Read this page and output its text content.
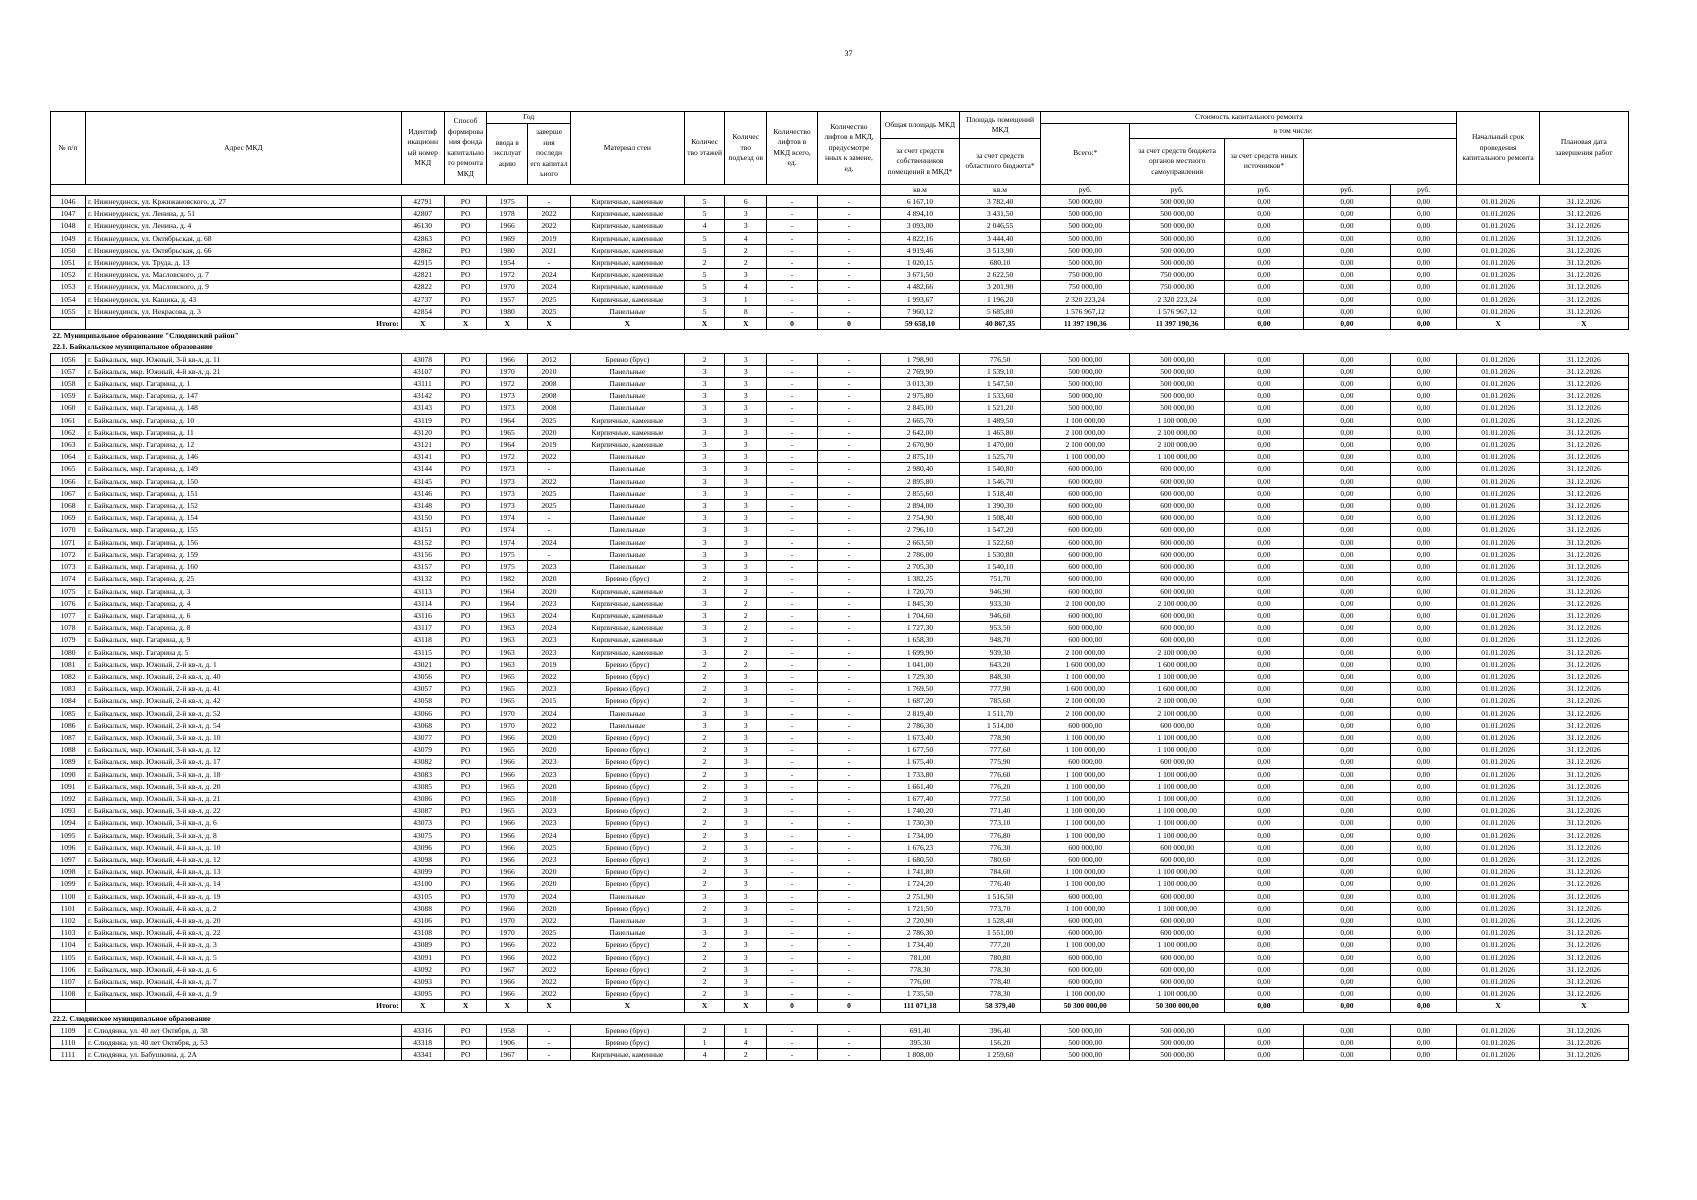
37
№ п/п	Адрес МКД	Идентиф икационн ый номер МКД	Способ формирова ния фонда капитально го ремонта МКД	Год		Материал стен	Количес тво этажей	Количес тво подъезд ов	Количество лифтов в МКД всего, ед.	Количество лифтов в МКД, предусмотре нных к замене, ед.	Общая площадь МКД	Площадь помещений МКД	Стоимость капитального ремонта					Начальный срок проведения капитального ремонта	Плановая дата завершения работ
				ввода в эксплуат ацию	заверше ния последн его капитал ьного								Всего:*	в том числе:					
											за счет средств собственников помещений в МКД*	за счет средств областного бюджета*		за счет средств бюджета органов местного самоуправления	за счет средств иных источников*				
											кв.м	кв.м	руб.	руб.	руб.	руб.	руб.		
1046	г. Нижнеудинск, ул. Кржижановского, д. 27	42791	РО	1975	-	Кирпичные, каменные	5	6	-	-	6 167,10	3 782,40	500 000,00	500 000,00	0,00	0,00	0,00	01.01.2026	31.12.2026
1047	г. Нижнеудинск, ул. Ленина, д. 51	42807	РО	1978	2022	Кирпичные, каменные	5	3	-	-	4 894,10	3 431,50	500 000,00	500 000,00	0,00	0,00	0,00	01.01.2026	31.12.2026
1048	г. Нижнеудинск, ул. Ленина, д. 4	46130	РО	1966	2022	Кирпичные, каменные	4	3	-	-	3 093,00	2 046,55	500 000,00	500 000,00	0,00	0,00	0,00	01.01.2026	31.12.2026
1049	г. Нижнеудинск, ул. Октябрьская, д. 68	42863	РО	1969	2019	Кирпичные, каменные	5	4	-	-	4 822,16	3 444,40	500 000,00	500 000,00	0,00	0,00	0,00	01.01.2026	31.12.2026
1050	г. Нижнеудинск, ул. Октябрьская, д. 66	42862	РО	1980	2021	Кирпичные, каменные	5	2	-	-	4 919,46	3 513,90	500 000,00	500 000,00	0,00	0,00	0,00	01.01.2026	31.12.2026
1051	г. Нижнеудинск, ул. Труда, д. 13	42915	РО	1954	-	Кирпичные, каменные	2	2	-	-	1 020,15	680,10	500 000,00	500 000,00	0,00	0,00	0,00	01.01.2026	31.12.2026
1052	г. Нижнеудинск, ул. Масловского, д. 7	42821	РО	1972	2024	Кирпичные, каменные	5	3	-	-	3 671,50	2 622,50	750 000,00	750 000,00	0,00	0,00	0,00	01.01.2026	31.12.2026
1053	г. Нижнеудинск, ул. Масловского, д. 9	42822	РО	1970	2024	Кирпичные, каменные	5	4	-	-	4 482,66	3 201,90	750 000,00	750 000,00	0,00	0,00	0,00	01.01.2026	31.12.2026
1054	г. Нижнеудинск, ул. Кашика, д. 43	42737	РО	1957	2025	Кирпичные, каменные	3	1	-	-	1 993,67	1 196,20	2 320 223,24	2 320 223,24	0,00	0,00	0,00	01.01.2026	31.12.2026
1055	г. Нижнеудинск, ул. Некрасова, д. 3	42854	РО	1980	2025	Панельные	5	8	-	-	7 960,12	5 685,80	1 576 967,12	1 576 967,12	0,00	0,00	0,00	01.01.2026	31.12.2026
	Итого:	X	X	X	X	X	X	X	0	0	59 658,10	40 867,35	11 397 190,36	11 397 190,36	0,00	0,00	0,00	X	X
22. Муниципальное образование "Слюдянский район"																			
22.1. Байкальское муниципальное образование																			
1056	г. Байкальск, мкр. Южный, 3-й кв-л, д. 11	43078	РО	1966	2012	Бревно (брус)	2	3	-	-	1 798,90	776,50	500 000,00	500 000,00	0,00	0,00	0,00	01.01.2026	31.12.2026
1057	г. Байкальск, мкр. Южный, 4-й кв-л, д. 21	43107	РО	1970	2010	Панельные	3	3	-	-	2 769,90	1 539,10	500 000,00	500 000,00	0,00	0,00	0,00	01.01.2026	31.12.2026
1058	г. Байкальск, мкр. Гагарина, д. 1	43111	РО	1972	2008	Панельные	3	3	-	-	3 013,30	1 547,50	500 000,00	500 000,00	0,00	0,00	0,00	01.01.2026	31.12.2026
1059	г. Байкальск, мкр. Гагарина, д. 147	43142	РО	1973	2008	Панельные	3	3	-	-	2 975,80	1 533,60	500 000,00	500 000,00	0,00	0,00	0,00	01.01.2026	31.12.2026
1060	г. Байкальск, мкр. Гагарина, д. 148	43143	РО	1973	2008	Панельные	3	3	-	-	2 845,00	1 521,20	500 000,00	500 000,00	0,00	0,00	0,00	01.01.2026	31.12.2026
1061	г. Байкальск, мкр. Гагарина, д. 10	43119	РО	1964	2025	Кирпичные, каменные	3	3	-	-	2 665,70	1 489,50	1 100 000,00	1 100 000,00	0,00	0,00	0,00	01.01.2026	31.12.2026
1062	г. Байкальск, мкр. Гагарина, д. 11	43120	РО	1965	2020	Кирпичные, каменные	3	3	-	-	2 642,00	1 465,80	2 100 000,00	2 100 000,00	0,00	0,00	0,00	01.01.2026	31.12.2026
1063	г. Байкальск, мкр. Гагарина, д. 12	43121	РО	1964	2019	Кирпичные, каменные	3	3	-	-	2 670,90	1 470,00	2 100 000,00	2 100 000,00	0,00	0,00	0,00	01.01.2026	31.12.2026
1064	г. Байкальск, мкр. Гагарина, д. 146	43141	РО	1972	2022	Панельные	3	3	-	-	2 875,10	1 525,70	1 100 000,00	1 100 000,00	0,00	0,00	0,00	01.01.2026	31.12.2026
1065	г. Байкальск, мкр. Гагарина, д. 149	43144	РО	1973	-	Панельные	3	3	-	-	2 980,40	1 540,80	600 000,00	600 000,00	0,00	0,00	0,00	01.01.2026	31.12.2026
1066	г. Байкальск, мкр. Гагарина, д. 150	43145	РО	1973	2022	Панельные	3	3	-	-	2 895,80	1 546,70	600 000,00	600 000,00	0,00	0,00	0,00	01.01.2026	31.12.2026
1067	г. Байкальск, мкр. Гагарина, д. 151	43146	РО	1973	2025	Панельные	3	3	-	-	2 855,60	1 518,40	600 000,00	600 000,00	0,00	0,00	0,00	01.01.2026	31.12.2026
1068	г. Байкальск, мкр. Гагарина, д. 152	43148	РО	1973	2025	Панельные	3	3	-	-	2 894,00	1 390,30	600 000,00	600 000,00	0,00	0,00	0,00	01.01.2026	31.12.2026
1069	г. Байкальск, мкр. Гагарина, д. 154	43150	РО	1974	-	Панельные	3	3	-	-	2 754,90	1 508,40	600 000,00	600 000,00	0,00	0,00	0,00	01.01.2026	31.12.2026
1070	г. Байкальск, мкр. Гагарина, д. 155	43151	РО	1974	-	Панельные	3	3	-	-	2 796,10	1 547,20	600 000,00	600 000,00	0,00	0,00	0,00	01.01.2026	31.12.2026
1071	г. Байкальск, мкр. Гагарина, д. 156	43152	РО	1974	2024	Панельные	3	3	-	-	2 663,50	1 522,60	600 000,00	600 000,00	0,00	0,00	0,00	01.01.2026	31.12.2026
1072	г. Байкальск, мкр. Гагарина, д. 159	43156	РО	1975	-	Панельные	3	3	-	-	2 786,00	1 530,80	600 000,00	600 000,00	0,00	0,00	0,00	01.01.2026	31.12.2026
1073	г. Байкальск, мкр. Гагарина, д. 160	43157	РО	1975	2023	Панельные	3	3	-	-	2 705,30	1 540,10	600 000,00	600 000,00	0,00	0,00	0,00	01.01.2026	31.12.2026
1074	г. Байкальск, мкр. Гагарина, д. 25	43132	РО	1982	2020	Бревно (брус)	2	3	-	-	1 382,25	751,70	600 000,00	600 000,00	0,00	0,00	0,00	01.01.2026	31.12.2026
1075	г. Байкальск, мкр. Гагарина, д. 3	43113	РО	1964	2020	Кирпичные, каменные	3	2	-	-	1 720,70	946,90	600 000,00	600 000,00	0,00	0,00	0,00	01.01.2026	31.12.2026
1076	г. Байкальск, мкр. Гагарина, д. 4	43114	РО	1964	2023	Кирпичные, каменные	3	2	-	-	1 845,30	933,30	2 100 000,00	2 100 000,00	0,00	0,00	0,00	01.01.2026	31.12.2026
1077	г. Байкальск, мкр. Гагарина, д. 6	43116	РО	1963	2024	Кирпичные, каменные	3	2	-	-	1 704,60	946,60	600 000,00	600 000,00	0,00	0,00	0,00	01.01.2026	31.12.2026
1078	г. Байкальск, мкр. Гагарина, д. 8	43117	РО	1963	2024	Кирпичные, каменные	3	2	-	-	1 727,30	953,50	600 000,00	600 000,00	0,00	0,00	0,00	01.01.2026	31.12.2026
1079	г. Байкальск, мкр. Гагарина, д. 9	43118	РО	1963	2023	Кирпичные, каменные	3	2	-	-	1 658,30	948,70	600 000,00	600 000,00	0,00	0,00	0,00	01.01.2026	31.12.2026
1080	г. Байкальск, мкр. Гагарина д. 5	43115	РО	1963	2023	Кирпичные, каменные	3	2	-	-	1 699,90	939,30	2 100 000,00	2 100 000,00	0,00	0,00	0,00	01.01.2026	31.12.2026
1081	г. Байкальск, мкр. Южный, 2-й кв-л, д. 1	43021	РО	1963	2019	Бревно (брус)	2	2	-	-	1 041,00	643,20	1 600 000,00	1 600 000,00	0,00	0,00	0,00	01.01.2026	31.12.2026
1082	г. Байкальск, мкр. Южный, 2-й кв-л, д. 40	43056	РО	1965	2022	Бревно (брус)	2	3	-	-	1 729,30	848,30	1 100 000,00	1 100 000,00	0,00	0,00	0,00	01.01.2026	31.12.2026
1083	г. Байкальск, мкр. Южный, 2-й кв-л, д. 41	43057	РО	1965	2023	Бревно (брус)	2	3	-	-	1 769,50	777,90	1 600 000,00	1 600 000,00	0,00	0,00	0,00	01.01.2026	31.12.2026
1084	г. Байкальск, мкр. Южный, 2-й кв-л, д. 42	43058	РО	1965	2015	Бревно (брус)	2	3	-	-	1 687,20	785,60	2 100 000,00	2 100 000,00	0,00	0,00	0,00	01.01.2026	31.12.2026
1085	г. Байкальск, мкр. Южный, 2-й кв-л, д. 52	43066	РО	1970	2024	Панельные	3	3	-	-	2 819,40	1 511,70	2 100 000,00	2 100 000,00	0,00	0,00	0,00	01.01.2026	31.12.2026
1086	г. Байкальск, мкр. Южный, 2-й кв-л, д. 54	43068	РО	1970	2022	Панельные	3	3	-	-	2 786,30	1 514,00	600 000,00	600 000,00	0,00	0,00	0,00	01.01.2026	31.12.2026
1087	г. Байкальск, мкр. Южный, 3-й кв-л, д. 10	43077	РО	1966	2020	Бревно (брус)	2	3	-	-	1 673,40	778,90	1 100 000,00	1 100 000,00	0,00	0,00	0,00	01.01.2026	31.12.2026
1088	г. Байкальск, мкр. Южный, 3-й кв-л, д. 12	43079	РО	1965	2020	Бревно (брус)	2	3	-	-	1 677,50	777,60	1 100 000,00	1 100 000,00	0,00	0,00	0,00	01.01.2026	31.12.2026
1089	г. Байкальск, мкр. Южный, 3-й кв-л, д. 17	43082	РО	1966	2023	Бревно (брус)	2	3	-	-	1 675,40	775,90	600 000,00	600 000,00	0,00	0,00	0,00	01.01.2026	31.12.2026
1090	г. Байкальск, мкр. Южный, 3-й кв-л, д. 18	43083	РО	1966	2023	Бревно (брус)	2	3	-	-	1 733,80	776,60	1 100 000,00	1 100 000,00	0,00	0,00	0,00	01.01.2026	31.12.2026
1091	г. Байкальск, мкр. Южный, 3-й кв-л, д. 20	43085	РО	1965	2020	Бревно (брус)	2	3	-	-	1 661,40	776,20	1 100 000,00	1 100 000,00	0,00	0,00	0,00	01.01.2026	31.12.2026
1092	г. Байкальск, мкр. Южный, 3-й кв-л, д. 21	43086	РО	1965	2018	Бревно (брус)	2	3	-	-	1 677,40	777,50	1 100 000,00	1 100 000,00	0,00	0,00	0,00	01.01.2026	31.12.2026
1093	г. Байкальск, мкр. Южный, 3-й кв-л, д. 22	43087	РО	1965	2023	Бревно (брус)	2	3	-	-	1 740,20	771,40	1 100 000,00	1 100 000,00	0,00	0,00	0,00	01.01.2026	31.12.2026
1094	г. Байкальск, мкр. Южный, 3-й кв-л, д. 6	43073	РО	1966	2023	Бревно (брус)	2	3	-	-	1 730,30	773,10	1 100 000,00	1 100 000,00	0,00	0,00	0,00	01.01.2026	31.12.2026
1095	г. Байкальск, мкр. Южный, 3-й кв-л, д. 8	43075	РО	1966	2024	Бревно (брус)	2	3	-	-	1 734,00	776,80	1 100 000,00	1 100 000,00	0,00	0,00	0,00	01.01.2026	31.12.2026
1096	г. Байкальск, мкр. Южный, 4-й кв-л, д. 10	43096	РО	1966	2025	Бревно (брус)	2	3	-	-	1 676,23	776,30	600 000,00	600 000,00	0,00	0,00	0,00	01.01.2026	31.12.2026
1097	г. Байкальск, мкр. Южный, 4-й кв-л, д. 12	43098	РО	1966	2023	Бревно (брус)	2	3	-	-	1 680,50	780,60	600 000,00	600 000,00	0,00	0,00	0,00	01.01.2026	31.12.2026
1098	г. Байкальск, мкр. Южный, 4-й кв-л, д. 13	43099	РО	1966	2020	Бревно (брус)	2	3	-	-	1 741,80	784,60	1 100 000,00	1 100 000,00	0,00	0,00	0,00	01.01.2026	31.12.2026
1099	г. Байкальск, мкр. Южный, 4-й кв-л, д. 14	43100	РО	1966	2020	Бревно (брус)	2	3	-	-	1 724,20	776,40	1 100 000,00	1 100 000,00	0,00	0,00	0,00	01.01.2026	31.12.2026
1100	г. Байкальск, мкр. Южный, 4-й кв-л, д. 19	43105	РО	1970	2024	Панельные	3	3	-	-	2 751,90	1 516,50	600 000,00	600 000,00	0,00	0,00	0,00	01.01.2026	31.12.2026
1101	г. Байкальск, мкр. Южный, 4-й кв-л, д. 2	43088	РО	1966	2020	Бревно (брус)	2	3	-	-	1 721,50	773,70	1 100 000,00	1 100 000,00	0,00	0,00	0,00	01.01.2026	31.12.2026
1102	г. Байкальск, мкр. Южный, 4-й кв-л, д. 20	43106	РО	1970	2022	Панельные	3	3	-	-	2 720,90	1 528,40	600 000,00	600 000,00	0,00	0,00	0,00	01.01.2026	31.12.2026
1103	г. Байкальск, мкр. Южный, 4-й кв-л, д. 22	43108	РО	1970	2025	Панельные	3	3	-	-	2 786,30	1 551,00	600 000,00	600 000,00	0,00	0,00	0,00	01.01.2026	31.12.2026
1104	г. Байкальск, мкр. Южный, 4-й кв-л, д. 3	43089	РО	1966	2022	Бревно (брус)	2	3	-	-	1 734,40	777,20	1 100 000,00	1 100 000,00	0,00	0,00	0,00	01.01.2026	31.12.2026
1105	г. Байкальск, мкр. Южный, 4-й кв-л, д. 5	43091	РО	1966	2022	Бревно (брус)	2	3	-	-	781,00	780,80	600 000,00	600 000,00	0,00	0,00	0,00	01.01.2026	31.12.2026
1106	г. Байкальск, мкр. Южный, 4-й кв-л, д. 6	43092	РО	1967	2022	Бревно (брус)	2	3	-	-	778,30	778,30	600 000,00	600 000,00	0,00	0,00	0,00	01.01.2026	31.12.2026
1107	г. Байкальск, мкр. Южный, 4-й кв-л, д. 7	43093	РО	1966	2022	Бревно (брус)	2	3	-	-	776,00	778,40	600 000,00	600 000,00	0,00	0,00	0,00	01.01.2026	31.12.2026
1108	г. Байкальск, мкр. Южный, 4-й кв-л, д. 9	43095	РО	1966	2022	Бревно (брус)	2	3	-	-	1 735,50	778,30	1 100 000,00	1 100 000,00	0,00	0,00	0,00	01.01.2026	31.12.2026
	Итого:	X	X	X	X	X	X	X	0	0	111 071,18	58 379,40	50 300 000,00	50 300 000,00	0,00	0,00	0,00	X	X
22.2. Слюдянское муниципальное образование																			
1109	г. Слюдянка, ул. 40 лет Октября, д. 38	43316	РО	1958	-	Бревно (брус)	2	1	-	-	691,40	396,40	500 000,00	500 000,00	0,00	0,00	0,00	01.01.2026	31.12.2026
1110	г. Слюдянка, ул. 40 лет Октября, д. 53	43318	РО	1906	-	Бревно (брус)	1	4	-	-	395,30	156,20	500 000,00	500 000,00	0,00	0,00	0,00	01.01.2026	31.12.2026
1111	г. Слюдянка, ул. Бабушкина, д. 2А	43341	РО	1967	-	Кирпичные, каменные	4	2	-	-	1 808,00	1 259,60	500 000,00	500 000,00	0,00	0,00	0,00	01.01.2026	31.12.2026
